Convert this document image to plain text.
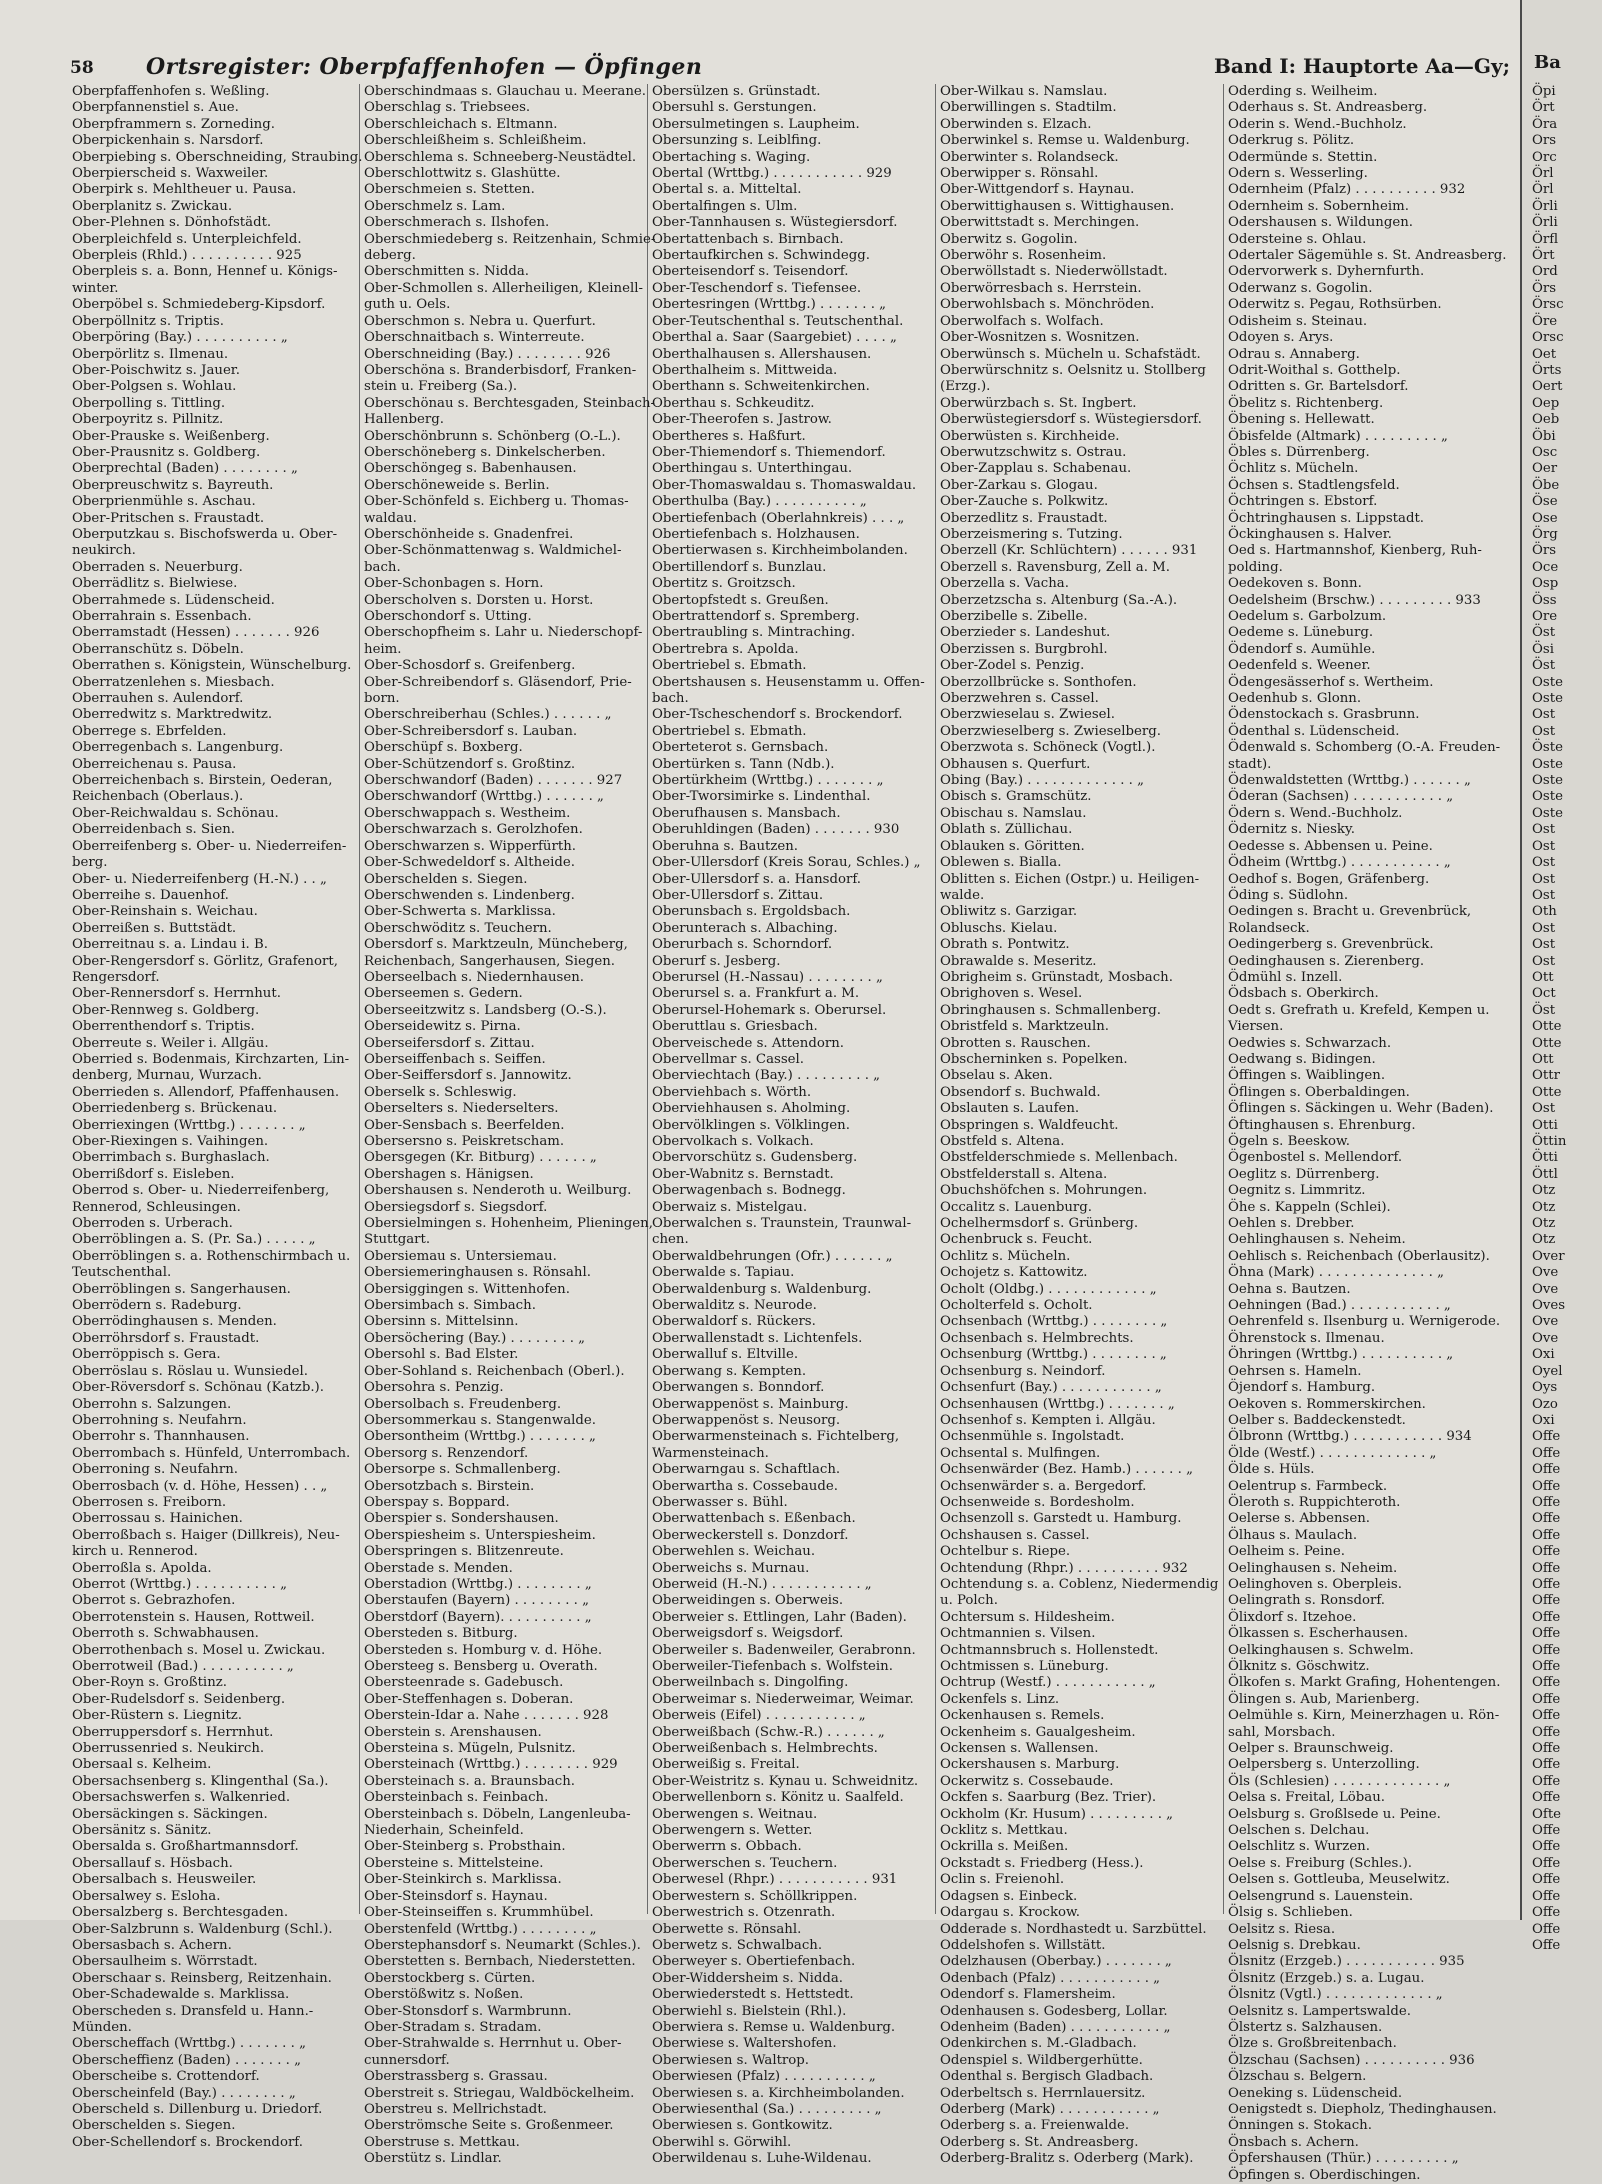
58 Ortsregister: Oberpfaffenhofen — Öpfingen	Band I: Hauptorte Aa—Gy;

Oberpfaffenhofen s. Weßling.

Oberpfannenstiel s. Aue.

Oberpframmern s. Zorneding.

Oberpickenhain s. Narsdorf.

Oberpiebing s. Oberschneiding, Straubing.

Oberpierscheid s. Waxweiler.

Oberpirk s. Mehltheuer u. Pausa.

Oberplanitz s. Zwickau.

Ober-Plehnen s. Dönhofstädt.

Oberpleichfeld s. Unterpleichfeld.

Oberpleis (Rhld.) . . . . . . . . . . 925

Oberpleis s. a. Bonn, Hennef u. Königs-

winter.

Oberpöbel s. Schmiedeberg-Kipsdorf.

Oberpöllnitz s. Triptis.

Oberpöring (Bay.) . . . . . . . . . . „

Oberpörlitz s. Ilmenau.

Ober-Poischwitz s. Jauer.

Ober-Polgsen s. Wohlau.

Oberpolling s. Tittling.

Oberpoyritz s. Pillnitz.

Ober-Prauske s. Weißenberg.

Ober-Prausnitz s. Goldberg.

Oberprechtal (Baden) . . . . . . . . „

Oberpreuschwitz s. Bayreuth.

Oberprienmühle s. Aschau.

Ober-Pritschen s. Fraustadt.

Oberputzkau s. Bischofswerda u. Ober-

neukirch.

Oberraden s. Neuerburg.

Oberrädlitz s. Bielwiese.

Oberrahmede s. Lüdenscheid.

Oberrahrain s. Essenbach.

Oberramstadt (Hessen) . . . . . . . 926

Oberranschütz s. Döbeln.

Oberrathen s. Königstein, Wünschelburg.

Oberratzenlehen s. Miesbach.

Oberrauhen s. Aulendorf.

Oberredwitz s. Marktredwitz.

Oberrege s. Ebrfelden.

Oberregenbach s. Langenburg.

Oberreichenau s. Pausa.

Oberreichenbach s. Birstein, Oederan,

Reichenbach (Oberlaus.).

Ober-Reichwaldau s. Schönau.

Oberreidenbach s. Sien.

Oberreifenberg s. Ober- u. Niederreifen-

berg.

Ober- u. Niederreifenberg (H.-N.) . . „

Oberreihe s. Dauenhof.

Ober-Reinshain s. Weichau.

Oberreißen s. Buttstädt.

Oberreitnau s. a. Lindau i. B.

Ober-Rengersdorf s. Görlitz, Grafenort,

Rengersdorf.

Ober-Rennersdorf s. Herrnhut.

Ober-Rennweg s. Goldberg.

Oberrenthendorf s. Triptis.

Oberreute s. Weiler i. Allgäu.

Oberried s. Bodenmais, Kirchzarten, Lin-

denberg, Murnau, Wurzach.

Oberrieden s. Allendorf, Pfaffenhausen.

Oberriedenberg s. Brückenau.

Oberriexingen (Wrttbg.) . . . . . . . „

Ober-Riexingen s. Vaihingen.

Oberrimbach s. Burghaslach.

Oberrißdorf s. Eisleben.

Oberrod s. Ober- u. Niederreifenberg,

Rennerod, Schleusingen.

Oberroden s. Urberach.

Oberröblingen a. S. (Pr. Sa.) . . . . . „

Oberröblingen s. a. Rothenschirmbach u.

Teutschenthal.

Oberröblingen s. Sangerhausen.

Oberrödern s. Radeburg.

Oberrödinghausen s. Menden.

Oberröhrsdorf s. Fraustadt.

Oberröppisch s. Gera.

Oberröslau s. Röslau u. Wunsiedel.

Ober-Röversdorf s. Schönau (Katzb.).

Oberrohn s. Salzungen.

Oberrohning s. Neufahrn.

Oberrohr s. Thannhausen.

Oberrombach s. Hünfeld, Unterrombach.

Oberroning s. Neufahrn.

Oberrosbach (v. d. Höhe, Hessen) . . „

Oberrosen s. Freiborn.

Oberrossau s. Hainichen.

Oberroßbach s. Haiger (Dillkreis), Neu-

kirch u. Rennerod.

Oberroßla s. Apolda.

Oberrot (Wrttbg.) . . . . . . . . . . „

Oberrot s. Gebrazhofen.

Oberrotenstein s. Hausen, Rottweil.

Oberroth s. Schwabhausen.

Oberrothenbach s. Mosel u. Zwickau.

Oberrotweil (Bad.) . . . . . . . . . . „

Ober-Royn s. Großtinz.

Ober-Rudelsdorf s. Seidenberg.

Ober-Rüstern s. Liegnitz.

Oberruppersdorf s. Herrnhut.

Oberrussenried s. Neukirch.

Obersaal s. Kelheim.

Obersachsenberg s. Klingenthal (Sa.).

Obersachswerfen s. Walkenried.

Obersäckingen s. Säckingen.

Obersänitz s. Sänitz.

Obersalda s. Großhartmannsdorf.

Obersallauf s. Hösbach.

Obersalbach s. Heusweiler.

Obersalwey s. Esloha.

Obersalzberg s. Berchtesgaden.

Ober-Salzbrunn s. Waldenburg (Schl.).

Obersasbach s. Achern.

Obersaulheim s. Wörrstadt.

Oberschaar s. Reinsberg, Reitzenhain.

Ober-Schadewalde s. Marklissa.

Oberscheden s. Dransfeld u. Hann.-

Münden.

Oberscheffach (Wrttbg.) . . . . . . . „

Oberscheffienz (Baden) . . . . . . . „

Oberscheibe s. Crottendorf.

Oberscheinfeld (Bay.) . . . . . . . . „

Oberscheld s. Dillenburg u. Driedorf.

Oberschelden s. Siegen.

Ober-Schellendorf s. Brockendorf.

Oberschindmaas s. Glauchau u. Meerane.

Oberschlag s. Triebsees.

Oberschleichach s. Eltmann.

Oberschleißheim s. Schleißheim.

Oberschlema s. Schneeberg-Neustädtel.

Oberschlottwitz s. Glashütte.

Oberschmeien s. Stetten.

Oberschmelz s. Lam.

Oberschmerach s. Ilshofen.

Oberschmiedeberg s. Reitzenhain, Schmie-

deberg.

Oberschmitten s. Nidda.

Ober-Schmollen s. Allerheiligen, Kleinell-

guth u. Oels.

Oberschmon s. Nebra u. Querfurt.

Oberschnaitbach s. Winterreute.

Oberschneiding (Bay.) . . . . . . . . 926

Oberschöna s. Branderbisdorf, Franken-

stein u. Freiberg (Sa.).

Oberschönau s. Berchtesgaden, Steinbach-

Hallenberg.

Oberschönbrunn s. Schönberg (O.-L.).

Oberschöneberg s. Dinkelscherben.

Oberschöngeg s. Babenhausen.

Oberschöneweide s. Berlin.

Ober-Schönfeld s. Eichberg u. Thomas-

waldau.

Oberschönheide s. Gnadenfrei.

Ober-Schönmattenwag s. Waldmichel-

bach.

Ober-Schonbagen s. Horn.

Oberscholven s. Dorsten u. Horst.

Oberschondorf s. Utting.

Oberschopfheim s. Lahr u. Niederschopf-

heim.

Ober-Schosdorf s. Greifenberg.

Ober-Schreibendorf s. Gläsendorf, Prie-

born.

Oberschreiberhau (Schles.) . . . . . . „

Ober-Schreibersdorf s. Lauban.

Oberschüpf s. Boxberg.

Ober-Schützendorf s. Großtinz.

Oberschwandorf (Baden) . . . . . . . 927

Oberschwandorf (Wrttbg.) . . . . . . „

Oberschwappach s. Westheim.

Oberschwarzach s. Gerolzhofen.

Oberschwarzen s. Wipperfürth.

Ober-Schwedeldorf s. Altheide.

Oberschelden s. Siegen.

Oberschwenden s. Lindenberg.

Ober-Schwerta s. Marklissa.

Oberschwöditz s. Teuchern.

Obersdorf s. Marktzeuln, Müncheberg,

Reichenbach, Sangerhausen, Siegen.

Oberseelbach s. Niedernhausen.

Oberseemen s. Gedern.

Oberseeitzwitz s. Landsberg (O.-S.).

Oberseidewitz s. Pirna.

Oberseifersdorf s. Zittau.

Oberseiffenbach s. Seiffen.

Ober-Seiffersdorf s. Jannowitz.

Oberselk s. Schleswig.

Oberselters s. Niederselters.

Ober-Sensbach s. Beerfelden.

Obersersno s. Peiskretscham.

Obersgegen (Kr. Bitburg) . . . . . . „

Obershagen s. Hänigsen.

Obershausen s. Nenderoth u. Weilburg.

Obersiegsdorf s. Siegsdorf.

Obersielmingen s. Hohenheim, Plieningen,

Stuttgart.

Obersiemau s. Untersiemau.

Obersiemeringhausen s. Rönsahl.

Obersiggingen s. Wittenhofen.

Obersimbach s. Simbach.

Obersinn s. Mittelsinn.

Obersöchering (Bay.) . . . . . . . . „

Obersohl s. Bad Elster.

Ober-Sohland s. Reichenbach (Oberl.).

Obersohra s. Penzig.

Obersolbach s. Freudenberg.

Obersommerkau s. Stangenwalde.

Obersontheim (Wrttbg.) . . . . . . . „

Obersorg s. Renzendorf.

Obersorpe s. Schmallenberg.

Obersotzbach s. Birstein.

Oberspay s. Boppard.

Oberspier s. Sondershausen.

Oberspiesheim s. Unterspiesheim.

Oberspringen s. Blitzenreute.

Oberstade s. Menden.

Oberstadion (Wrttbg.) . . . . . . . . „

Oberstaufen (Bayern) . . . . . . . . „

Oberstdorf (Bayern). . . . . . . . . . „

Obersteden s. Bitburg.

Obersteden s. Homburg v. d. Höhe.

Obersteeg s. Bensberg u. Overath.

Obersteenrade s. Gadebusch.

Ober-Steffenhagen s. Doberan.

Oberstein-Idar a. Nahe . . . . . . . 928

Oberstein s. Arenshausen.

Obersteina s. Mügeln, Pulsnitz.

Obersteinach (Wrttbg.) . . . . . . . . 929

Obersteinach s. a. Braunsbach.

Obersteinbach s. Feinbach.

Obersteinbach s. Döbeln, Langenleuba-

Niederhain, Scheinfeld.

Ober-Steinberg s. Probsthain.

Obersteine s. Mittelsteine.

Ober-Steinkirch s. Marklissa.

Ober-Steinsdorf s. Haynau.

Ober-Steinseiffen s. Krummhübel.

Oberstenfeld (Wrttbg.) . . . . . . . . „

Oberstephansdorf s. Neumarkt (Schles.).

Oberstetten s. Bernbach, Niederstetten.

Oberstockberg s. Cürten.

Oberstößwitz s. Noßen.

Ober-Stonsdorf s. Warmbrunn.

Ober-Stradam s. Stradam.

Ober-Strahwalde s. Herrnhut u. Ober-

cunnersdorf.

Oberstrassberg s. Grassau.

Oberstreit s. Striegau, Waldböckelheim.

Oberstreu s. Mellrichstadt.

Oberströmsche Seite s. Großenmeer.

Oberstruse s. Mettkau.

Oberstütz s. Lindlar.

Obersülzen s. Grünstadt.

Obersuhl s. Gerstungen.

Obersulmetingen s. Laupheim.

Obersunzing s. Leiblfing.

Obertaching s. Waging.

Obertal (Wrttbg.) . . . . . . . . . . . 929

Obertal s. a. Mitteltal.

Obertalfingen s. Ulm.

Ober-Tannhausen s. Wüstegiersdorf.

Obertattenbach s. Birnbach.

Obertaufkirchen s. Schwindegg.

Oberteisendorf s. Teisendorf.

Ober-Teschendorf s. Tiefensee.

Obertesringen (Wrttbg.) . . . . . . . „

Ober-Teutschenthal s. Teutschenthal.

Oberthal a. Saar (Saargebiet) . . . . „

Oberthalhausen s. Allershausen.

Oberthalheim s. Mittweida.

Oberthann s. Schweitenkirchen.

Oberthau s. Schkeuditz.

Ober-Theerofen s. Jastrow.

Obertheres s. Haßfurt.

Ober-Thiemendorf s. Thiemendorf.

Oberthingau s. Unterthingau.

Ober-Thomaswaldau s. Thomaswaldau.

Oberthulba (Bay.) . . . . . . . . . . „

Obertiefenbach (Oberlahnkreis) . . . „

Obertiefenbach s. Holzhausen.

Obertierwasen s. Kirchheimbolanden.

Obertillendorf s. Bunzlau.

Obertitz s. Groitzsch.

Obertopfstedt s. Greußen.

Obertrattendorf s. Spremberg.

Obertraubling s. Mintraching.

Obertrebra s. Apolda.

Obertriebel s. Ebmath.

Obertshausen s. Heusenstamm u. Offen-

bach.

Ober-Tscheschendorf s. Brockendorf.

Obertriebel s. Ebmath.

Oberteterot s. Gernsbach.

Obertürken s. Tann (Ndb.).

Obertürkheim (Wrttbg.) . . . . . . . „

Ober-Tworsimirke s. Lindenthal.

Oberufhausen s. Mansbach.

Oberuhldingen (Baden) . . . . . . . 930

Oberuhna s. Bautzen.

Ober-Ullersdorf (Kreis Sorau, Schles.) „

Ober-Ullersdorf s. a. Hansdorf.

Ober-Ullersdorf s. Zittau.

Oberunsbach s. Ergoldsbach.

Oberunterach s. Albaching.

Oberurbach s. Schorndorf.

Oberurf s. Jesberg.

Oberursel (H.-Nassau) . . . . . . . . „

Oberursel s. a. Frankfurt a. M.

Oberursel-Hohemark s. Oberursel.

Oberuttlau s. Griesbach.

Oberveischede s. Attendorn.

Obervellmar s. Cassel.

Oberviechtach (Bay.) . . . . . . . . . „

Oberviehbach s. Wörth.

Oberviehhausen s. Aholming.

Obervölklingen s. Völklingen.

Obervolkach s. Volkach.

Obervorschütz s. Gudensberg.

Ober-Wabnitz s. Bernstadt.

Oberwagenbach s. Bodnegg.

Oberwaiz s. Mistelgau.

Oberwalchen s. Traunstein, Traunwal-

chen.

Oberwaldbehrungen (Ofr.) . . . . . . „

Oberwalde s. Tapiau.

Oberwaldenburg s. Waldenburg.

Oberwalditz s. Neurode.

Oberwaldorf s. Rückers.

Oberwallenstadt s. Lichtenfels.

Oberwalluf s. Eltville.

Oberwang s. Kempten.

Oberwangen s. Bonndorf.

Oberwappenöst s. Mainburg.

Oberwappenöst s. Neusorg.

Oberwarmensteinach s. Fichtelberg,

Warmensteinach.

Oberwarngau s. Schaftlach.

Oberwartha s. Cossebaude.

Oberwasser s. Bühl.

Oberwattenbach s. Eßenbach.

Oberweckerstell s. Donzdorf.

Oberwehlen s. Weichau.

Oberweichs s. Murnau.

Oberweid (H.-N.) . . . . . . . . . . . „

Oberweidingen s. Oberweis.

Oberweier s. Ettlingen, Lahr (Baden).

Oberweigsdorf s. Weigsdorf.

Oberweiler s. Badenweiler, Gerabronn.

Oberweiler-Tiefenbach s. Wolfstein.

Oberweilnbach s. Dingolfing.

Oberweimar s. Niederweimar, Weimar.

Oberweis (Eifel) . . . . . . . . . . . „

Oberweißbach (Schw.-R.) . . . . . . „

Oberweißenbach s. Helmbrechts.

Oberweißig s. Freital.

Ober-Weistritz s. Kynau u. Schweidnitz.

Oberwellenborn s. Könitz u. Saalfeld.

Oberwengen s. Weitnau.

Oberwengern s. Wetter.

Oberwerrn s. Obbach.

Oberwerschen s. Teuchern.

Oberwesel (Rhpr.) . . . . . . . . . . . 931

Oberwestern s. Schöllkrippen.

Oberwestrich s. Otzenrath.

Oberwette s. Rönsahl.

Oberwetz s. Schwalbach.

Oberweyer s. Obertiefenbach.

Ober-Widdersheim s. Nidda.

Oberwiederstedt s. Hettstedt.

Oberwiehl s. Bielstein (Rhl.).

Oberwiera s. Remse u. Waldenburg.

Oberwiese s. Waltershofen.

Oberwiesen s. Waltrop.

Oberwiesen (Pfalz) . . . . . . . . . . „

Oberwiesen s. a. Kirchheimbolanden.

Oberwiesenthal (Sa.) . . . . . . . . . „

Oberwiesen s. Gontkowitz.

Oberwihl s. Görwihl.

Oberwildenau s. Luhe-Wildenau.

Ober-Wilkau s. Namslau.

Oberwillingen s. Stadtilm.

Oberwinden s. Elzach.

Oberwinkel s. Remse u. Waldenburg.

Oberwinter s. Rolandseck.

Oberwipper s. Rönsahl.

Ober-Wittgendorf s. Haynau.

Oberwittighausen s. Wittighausen.

Oberwittstadt s. Merchingen.

Oberwitz s. Gogolin.

Oberwöhr s. Rosenheim.

Oberwöllstadt s. Niederwöllstadt.

Oberwörresbach s. Herrstein.

Oberwohlsbach s. Mönchröden.

Oberwolfach s. Wolfach.

Ober-Wosnitzen s. Wosnitzen.

Oberwünsch s. Mücheln u. Schafstädt.

Oberwürschnitz s. Oelsnitz u. Stollberg

(Erzg.).

Oberwürzbach s. St. Ingbert.

Oberwüstegiersdorf s. Wüstegiersdorf.

Oberwüsten s. Kirchheide.

Oberwutzschwitz s. Ostrau.

Ober-Zapplau s. Schabenau.

Ober-Zarkau s. Glogau.

Ober-Zauche s. Polkwitz.

Oberzedlitz s. Fraustadt.

Oberzeismering s. Tutzing.

Oberzell (Kr. Schlüchtern) . . . . . . 931

Oberzell s. Ravensburg, Zell a. M.

Oberzella s. Vacha.

Oberzetzscha s. Altenburg (Sa.-A.).

Oberzibelle s. Zibelle.

Oberzieder s. Landeshut.

Oberzissen s. Burgbrohl.

Ober-Zodel s. Penzig.

Oberzollbrücke s. Sonthofen.

Oberzwehren s. Cassel.

Oberzwieselau s. Zwiesel.

Oberzwieselberg s. Zwieselberg.

Oberzwota s. Schöneck (Vogtl.).

Obhausen s. Querfurt.

Obing (Bay.) . . . . . . . . . . . . . „

Obisch s. Gramschütz.

Obischau s. Namslau.

Oblath s. Züllichau.

Oblauken s. Göritten.

Oblewen s. Bialla.

Oblitten s. Eichen (Ostpr.) u. Heiligen-

walde.

Obliwitz s. Garzigar.

Obluschs. Kielau.

Obrath s. Pontwitz.

Obrawalde s. Meseritz.

Obrigheim s. Grünstadt, Mosbach.

Obrighoven s. Wesel.

Obringhausen s. Schmallenberg.

Obristfeld s. Marktzeuln.

Obrotten s. Rauschen.

Obscherninken s. Popelken.

Obselau s. Aken.

Obsendorf s. Buchwald.

Obslauten s. Laufen.

Obspringen s. Waldfeucht.

Obstfeld s. Altena.

Obstfelderschmiede s. Mellenbach.

Obstfelderstall s. Altena.

Obuchshöfchen s. Mohrungen.

Occalitz s. Lauenburg.

Ochelhermsdorf s. Grünberg.

Ochenbruck s. Feucht.

Ochlitz s. Mücheln.

Ochojetz s. Kattowitz.

Ocholt (Oldbg.) . . . . . . . . . . . . „

Ocholterfeld s. Ocholt.

Ochsenbach (Wrttbg.) . . . . . . . . „

Ochsenbach s. Helmbrechts.

Ochsenburg (Wrttbg.) . . . . . . . . „

Ochsenburg s. Neindorf.

Ochsenfurt (Bay.) . . . . . . . . . . . „

Ochsenhausen (Wrttbg.) . . . . . . . „

Ochsenhof s. Kempten i. Allgäu.

Ochsenmühle s. Ingolstadt.

Ochsental s. Mulfingen.

Ochsenwärder (Bez. Hamb.) . . . . . . „

Ochsenwärder s. a. Bergedorf.

Ochsenweide s. Bordesholm.

Ochsenzoll s. Garstedt u. Hamburg.

Ochshausen s. Cassel.

Ochtelbur s. Riepe.

Ochtendung (Rhpr.) . . . . . . . . . . 932

Ochtendung s. a. Coblenz, Niedermendig

u. Polch.

Ochtersum s. Hildesheim.

Ochtmannien s. Vilsen.

Ochtmannsbruch s. Hollenstedt.

Ochtmissen s. Lüneburg.

Ochtrup (Westf.) . . . . . . . . . . . „

Ockenfels s. Linz.

Ockenhausen s. Remels.

Ockenheim s. Gaualgesheim.

Ockensen s. Wallensen.

Ockershausen s. Marburg.

Ockerwitz s. Cossebaude.

Ockfen s. Saarburg (Bez. Trier).

Ockholm (Kr. Husum) . . . . . . . . . „

Ocklitz s. Mettkau.

Ockrilla s. Meißen.

Ockstadt s. Friedberg (Hess.).

Oclin s. Freienohl.

Odagsen s. Einbeck.

Odargau s. Krockow.

Odderade s. Nordhastedt u. Sarzbüttel.

Oddelshofen s. Willstätt.

Odelzhausen (Oberbay.) . . . . . . . „

Odenbach (Pfalz) . . . . . . . . . . . „

Odendorf s. Flamersheim.

Odenhausen s. Godesberg, Lollar.

Odenheim (Baden) . . . . . . . . . . . „

Odenkirchen s. M.-Gladbach.

Odenspiel s. Wildbergerhütte.

Odenthal s. Bergisch Gladbach.

Oderbeltsch s. Herrnlauersitz.

Oderberg (Mark) . . . . . . . . . . . „

Oderberg s. a. Freienwalde.

Oderberg s. St. Andreasberg.

Oderberg-Bralitz s. Oderberg (Mark).

Oderding s. Weilheim.

Oderhaus s. St. Andreasberg.

Oderin s. Wend.-Buchholz.

Oderkrug s. Pölitz.

Odermünde s. Stettin.

Odern s. Wesserling.

Odernheim (Pfalz) . . . . . . . . . . 932

Odernheim s. Sobernheim.

Odershausen s. Wildungen.

Odersteine s. Ohlau.

Odertaler Sägemühle s. St. Andreasberg.

Odervorwerk s. Dyhernfurth.

Oderwanz s. Gogolin.

Oderwitz s. Pegau, Rothsürben.

Odisheim s. Steinau.

Odoyen s. Arys.

Odrau s. Annaberg.

Odrit-Woithal s. Gotthelp.

Odritten s. Gr. Bartelsdorf.

Öbelitz s. Richtenberg.

Öbening s. Hellewatt.

Öbisfelde (Altmark) . . . . . . . . . „

Öbles s. Dürrenberg.

Öchlitz s. Mücheln.

Öchsen s. Stadtlengsfeld.

Öchtringen s. Ebstorf.

Öchtringhausen s. Lippstadt.

Öckinghausen s. Halver.

Oed s. Hartmannshof, Kienberg, Ruh-

polding.

Oedekoven s. Bonn.

Oedelsheim (Brschw.) . . . . . . . . . 933

Oedelum s. Garbolzum.

Oedeme s. Lüneburg.

Ödendorf s. Aumühle.

Oedenfeld s. Weener.

Ödengesässerhof s. Wertheim.

Oedenhub s. Glonn.

Ödenstockach s. Grasbrunn.

Ödenthal s. Lüdenscheid.

Ödenwald s. Schomberg (O.-A. Freuden-

stadt).

Ödenwaldstetten (Wrttbg.) . . . . . . „

Öderan (Sachsen) . . . . . . . . . . . „

Ödern s. Wend.-Buchholz.

Ödernitz s. Niesky.

Oedesse s. Abbensen u. Peine.

Ödheim (Wrttbg.) . . . . . . . . . . . „

Oedhof s. Bogen, Gräfenberg.

Öding s. Südlohn.

Oedingen s. Bracht u. Grevenbrück,

Rolandseck.

Oedingerberg s. Grevenbrück.

Oedinghausen s. Zierenberg.

Ödmühl s. Inzell.

Ödsbach s. Oberkirch.

Oedt s. Grefrath u. Krefeld, Kempen u.

Viersen.

Oedwies s. Schwarzach.

Oedwang s. Bidingen.

Öffingen s. Waiblingen.

Öflingen s. Oberbaldingen.

Öflingen s. Säckingen u. Wehr (Baden).

Öftinghausen s. Ehrenburg.

Ögeln s. Beeskow.

Ögenbostel s. Mellendorf.

Oeglitz s. Dürrenberg.

Oegnitz s. Limmritz.

Öhe s. Kappeln (Schlei).

Oehlen s. Drebber.

Oehlinghausen s. Neheim.

Oehlisch s. Reichenbach (Oberlausitz).

Öhna (Mark) . . . . . . . . . . . . . . „

Oehna s. Bautzen.

Oehningen (Bad.) . . . . . . . . . . . „

Oehrenfeld s. Ilsenburg u. Wernigerode.

Öhrenstock s. Ilmenau.

Öhringen (Wrttbg.) . . . . . . . . . . „

Oehrsen s. Hameln.

Öjendorf s. Hamburg.

Oekoven s. Rommerskirchen.

Oelber s. Baddeckenstedt.

Ölbronn (Wrttbg.) . . . . . . . . . . . 934

Ölde (Westf.) . . . . . . . . . . . . . „

Ölde s. Hüls.

Oelentrup s. Farmbeck.

Öleroth s. Ruppichteroth.

Oelerse s. Abbensen.

Ölhaus s. Maulach.

Oelheim s. Peine.

Oelinghausen s. Neheim.

Oelinghoven s. Oberpleis.

Oelingrath s. Ronsdorf.

Ölixdorf s. Itzehoe.

Ölkassen s. Escherhausen.

Oelkinghausen s. Schwelm.

Ölknitz s. Göschwitz.

Ölkofen s. Markt Grafing, Hohentengen.

Ölingen s. Aub, Marienberg.

Oelmühle s. Kirn, Meinerzhagen u. Rön-

sahl, Morsbach.

Oelper s. Braunschweig.

Oelpersberg s. Unterzolling.

Öls (Schlesien) . . . . . . . . . . . . . „

Oelsa s. Freital, Löbau.

Oelsburg s. Großlsede u. Peine.

Oelschen s. Delchau.

Oelschlitz s. Wurzen.

Oelse s. Freiburg (Schles.).

Oelsen s. Gottleuba, Meuselwitz.

Oelsengrund s. Lauenstein.

Ölsig s. Schlieben.

Oelsitz s. Riesa.

Oelsnig s. Drebkau.

Ölsnitz (Erzgeb.) . . . . . . . . . . . 935

Ölsnitz (Erzgeb.) s. a. Lugau.

Ölsnitz (Vgtl.) . . . . . . . . . . . . . „

Oelsnitz s. Lampertswalde.

Ölstertz s. Salzhausen.

Ölze s. Großbreitenbach.

Ölzschau (Sachsen) . . . . . . . . . . 936

Ölzschau s. Belgern.

Oeneking s. Lüdenscheid.

Oenigstedt s. Diepholz, Thedinghausen.

Önningen s. Stokach.

Önsbach s. Achern.

Öpfershausen (Thür.) . . . . . . . . . „

Öpfingen s. Oberdischingen.

Ba

Öpi

Ört

Öra

Ors

Orc

Örl

Örl

Örli

Örli

Örfl

Ört

Ord

Örs

Örsc

Öre

Orsc

Oet

Örts

Oert

Oep

Oeb

Öbi

Osc

Oer

Öbe

Öse

Ose

Örg

Örs

Oce

Osp

Öss

Ore

Öst

Ösi

Öst

Oste

Oste

Ost

Ost

Öste

Oste

Oste

Oste

Oste

Ost

Ost

Ost

Ost

Ost

Oth

Ost

Ost

Ost

Ott

Oct

Öst

Otte

Otte

Ott

Ottr

Otte

Ost

Otti

Öttin

Ötti

Öttl

Otz

Otz

Otz

Otz

Over

Ove

Ove

Oves

Ove

Ove

Oxi

Oyel

Oys

Ozo

Oxi

Offe

Offe

Offe

Offe

Offe

Offe

Offe

Offe

Offe

Offe

Offe

Offe

Offe

Offe

Offe

Offe

Offe

Offe

Offe

Offe

Offe

Offe

Offe

Ofte

Offe

Offe

Offe

Offe

Offe

Offe

Offe

Offe
